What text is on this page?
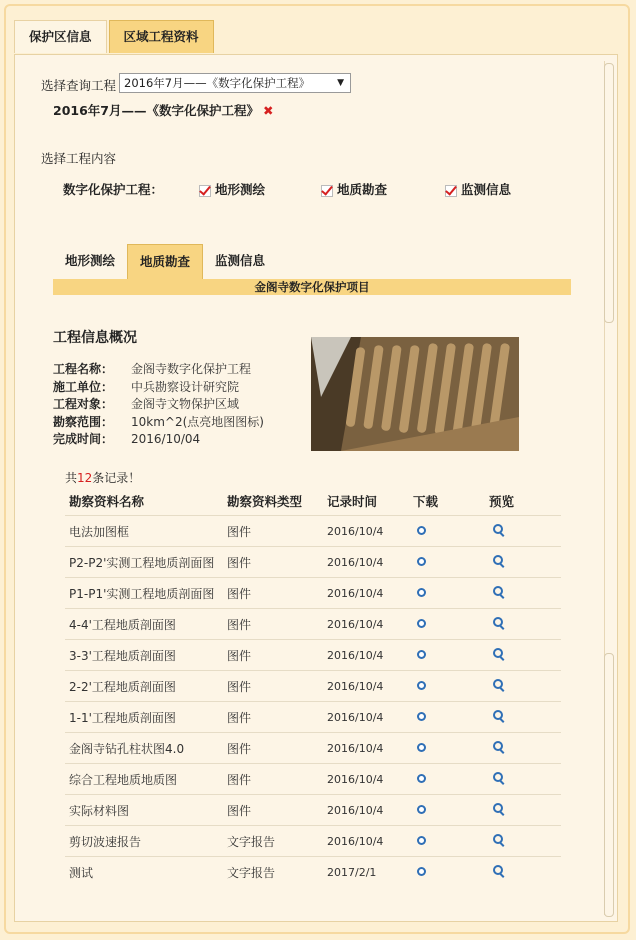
保护区信息	区域工程资料
选择查询工程 2016年7月——《数字化保护工程》	▼
2016年7月——《数字化保护工程》 ✖
选择工程内容
数字化保护工程：	地形测绘	地质勘查	监测信息
地形测绘	地质勘查	监测信息
金阁寺数字化保护项目
工程信息概况
工程名称：	金阁寺数字化保护工程
施工单位：	中兵勘察设计研究院
工程对象：	金阁寺文物保护区域
勘察范围：	10km^2(点亮地图图标)
完成时间：	2016/10/04
共12条记录！
勘察资料名称	勘察资料类型	记录时间	下载	预览
电法加图框	图件	2016/10/4		
P2-P2'实测工程地质剖面图	图件	2016/10/4		
P1-P1'实测工程地质剖面图	图件	2016/10/4		
4-4'工程地质剖面图	图件	2016/10/4		
3-3'工程地质剖面图	图件	2016/10/4		
2-2'工程地质剖面图	图件	2016/10/4		
1-1'工程地质剖面图	图件	2016/10/4		
金阁寺钻孔柱状图4.0	图件	2016/10/4		
综合工程地质地质图	图件	2016/10/4		
实际材料图	图件	2016/10/4		
剪切波速报告	文字报告	2016/10/4		
测试	文字报告	2017/2/1		
